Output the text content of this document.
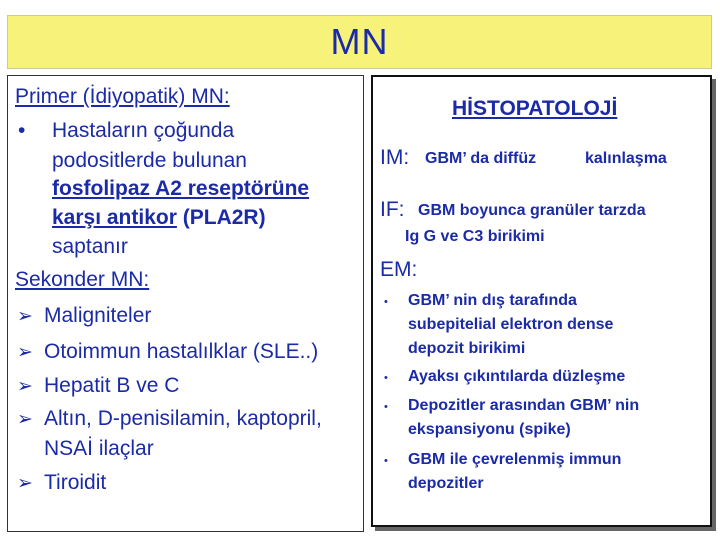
MN
Primer (İdiyopatik) MN:
• Hastaların çoğunda
podositlerde bulunan
fosfolipaz A2 reseptörüne
karşı antikor (PLA2R)
saptanır
Sekonder MN:
➢ Maligniteler
➢ Otoimmun hastalılklar (SLE..)
➢ Hepatit B ve C
➢ Altın, D-penisilamin, kaptopril,
NSAİ ilaçlar
➢ Tiroidit
HİSTOPATOLOJİ
IM: GBM’ da diffüz	kalınlaşma
IF: GBM boyunca granüler tarzda
Ig G ve C3 birikimi
EM:
• GBM’ nin dış tarafında
subepitelial elektron dense
depozit birikimi
• Ayaksı çıkıntılarda düzleşme
• Depozitler arasından GBM’ nin
ekspansiyonu (spike)
• GBM ile çevrelenmiş immun
depozitler
